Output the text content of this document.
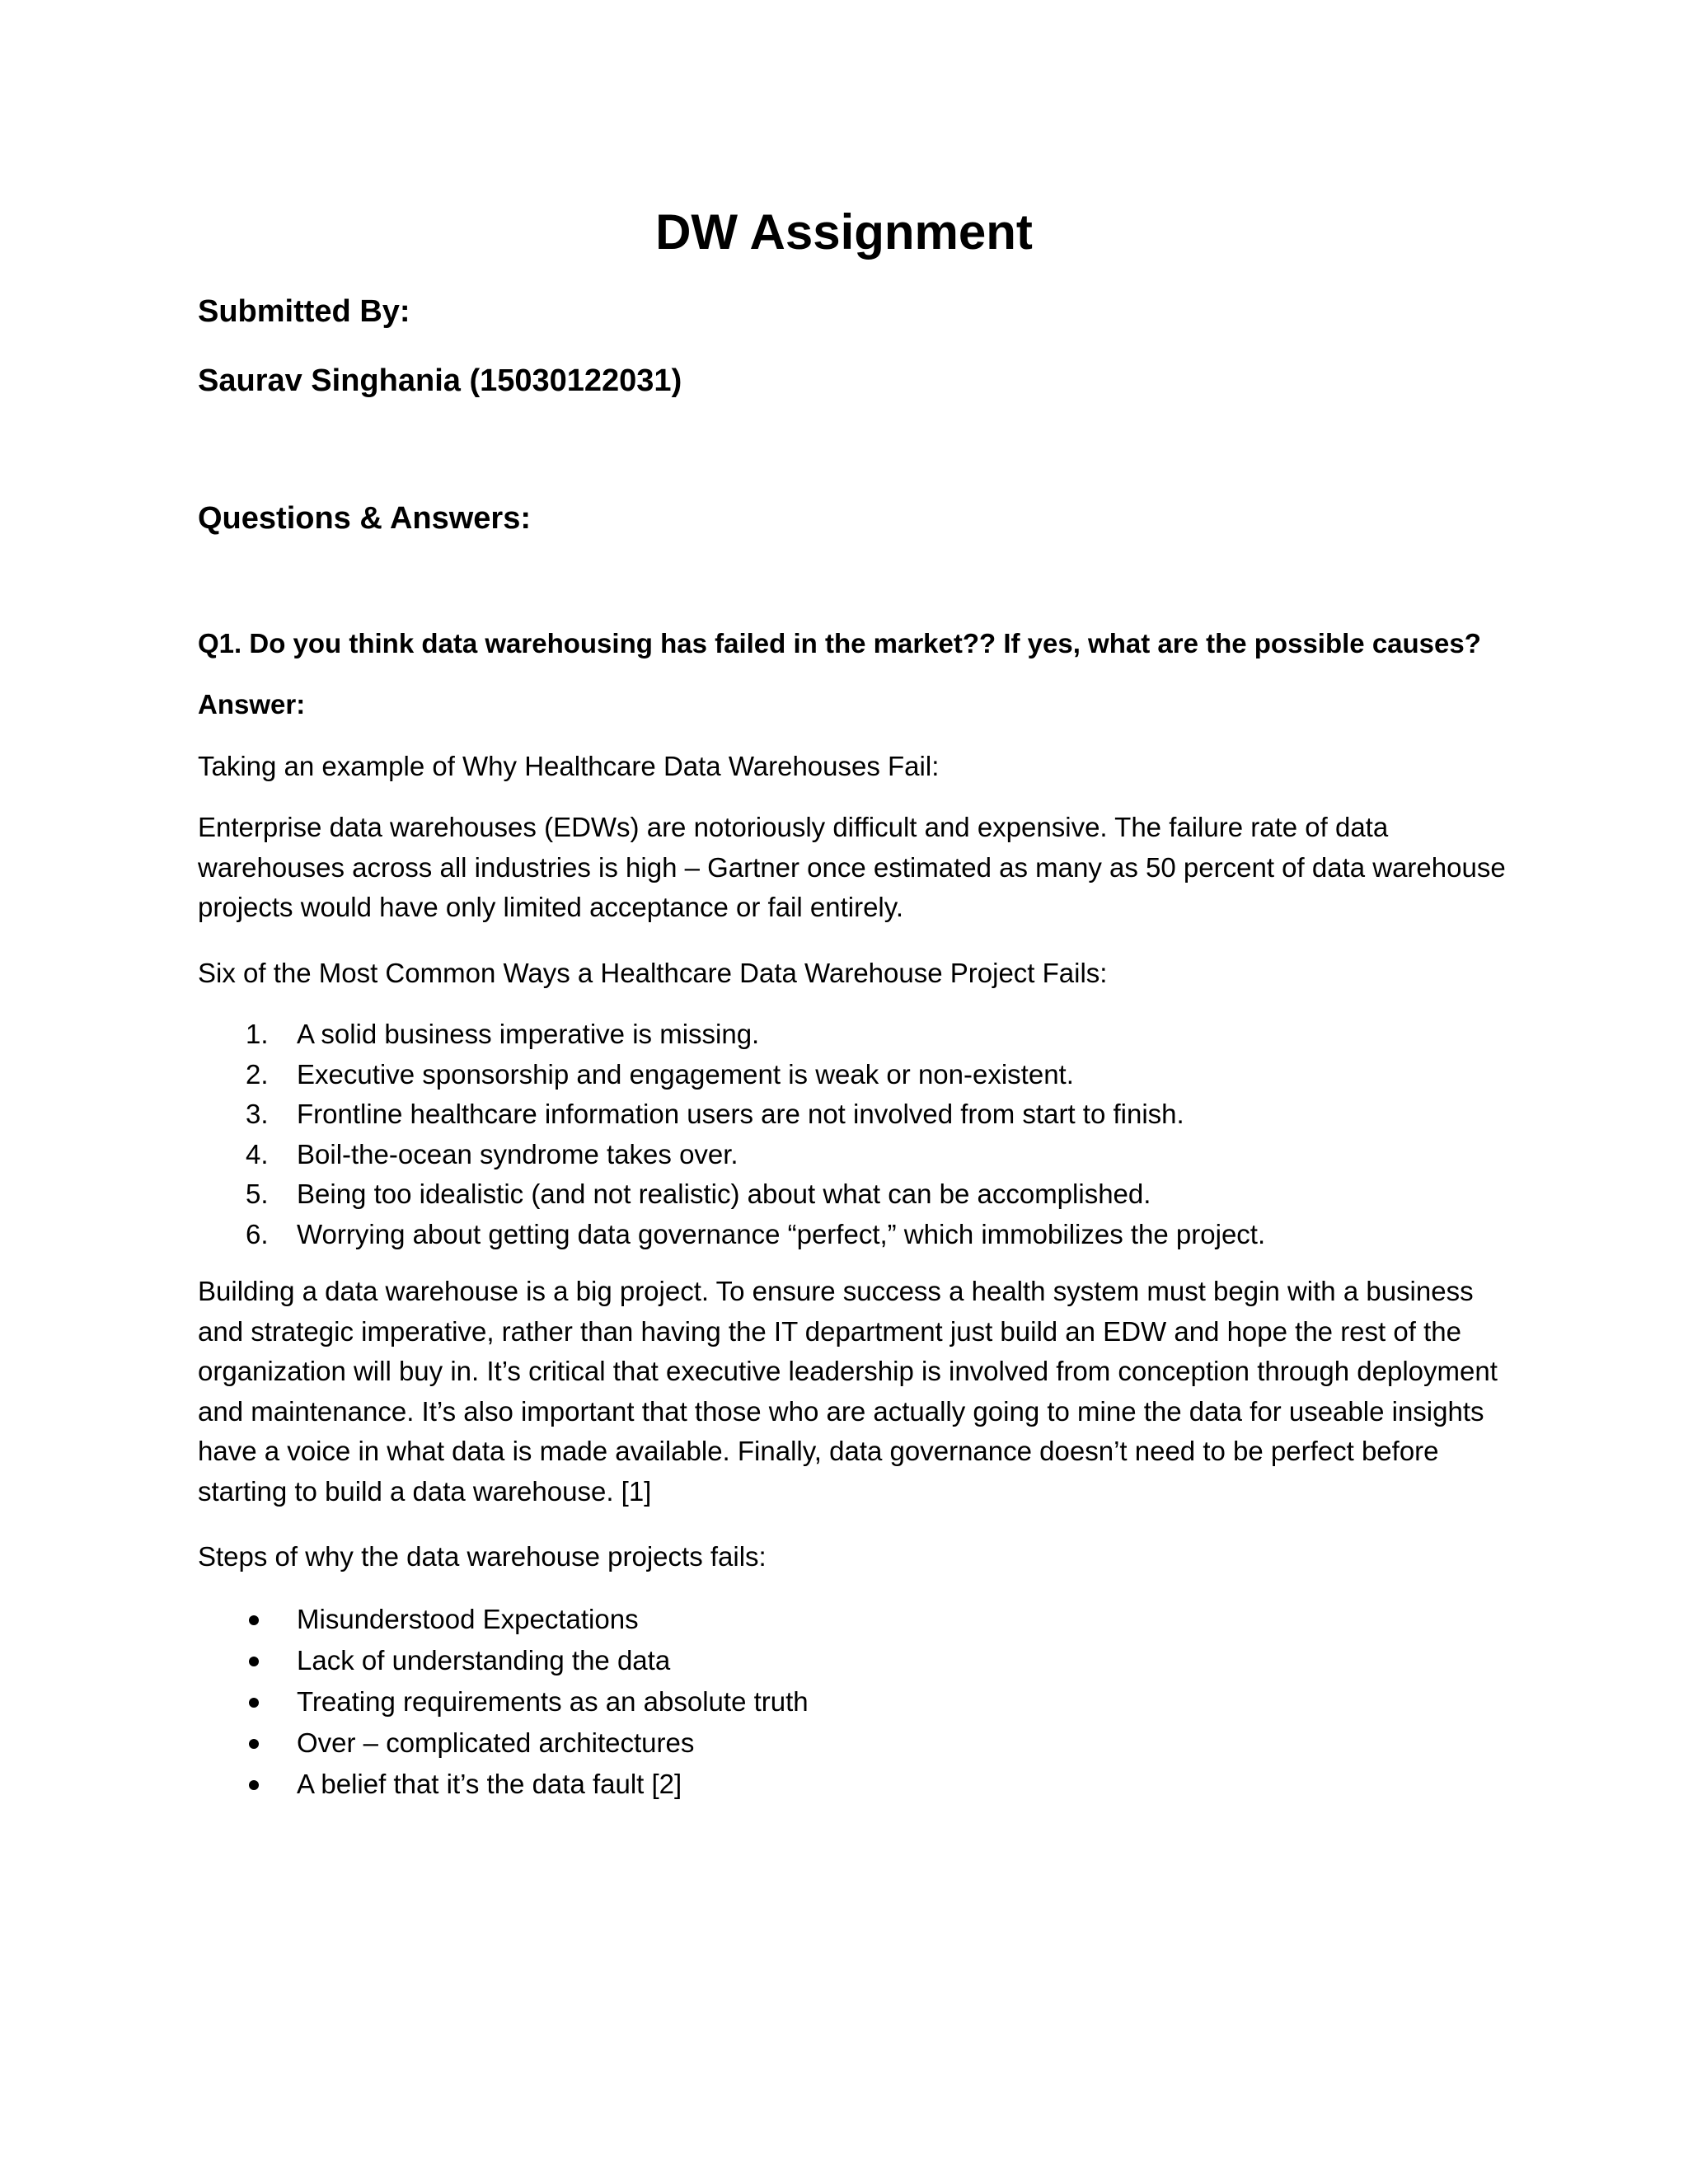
DW Assignment

Submitted By:

Saurav Singhania (15030122031)

Questions & Answers:

Q1. Do you think data warehousing has failed in the market?? If yes, what are the possible causes?

Answer:

Taking an example of Why Healthcare Data Warehouses Fail:

Enterprise data warehouses (EDWs) are notoriously difficult and expensive. The failure rate of data warehouses across all industries is high – Gartner once estimated as many as 50 percent of data warehouse projects would have only limited acceptance or fail entirely.

Six of the Most Common Ways a Healthcare Data Warehouse Project Fails:

1. A solid business imperative is missing.
2. Executive sponsorship and engagement is weak or non-existent.
3. Frontline healthcare information users are not involved from start to finish.
4. Boil-the-ocean syndrome takes over.
5. Being too idealistic (and not realistic) about what can be accomplished.
6. Worrying about getting data governance “perfect,” which immobilizes the project.

Building a data warehouse is a big project. To ensure success a health system must begin with a business and strategic imperative, rather than having the IT department just build an EDW and hope the rest of the organization will buy in. It’s critical that executive leadership is involved from conception through deployment and maintenance. It’s also important that those who are actually going to mine the data for useable insights have a voice in what data is made available. Finally, data governance doesn’t need to be perfect before starting to build a data warehouse. [1]

Steps of why the data warehouse projects fails:

Misunderstood Expectations
Lack of understanding the data
Treating requirements as an absolute truth
Over – complicated architectures
A belief that it’s the data fault [2]
